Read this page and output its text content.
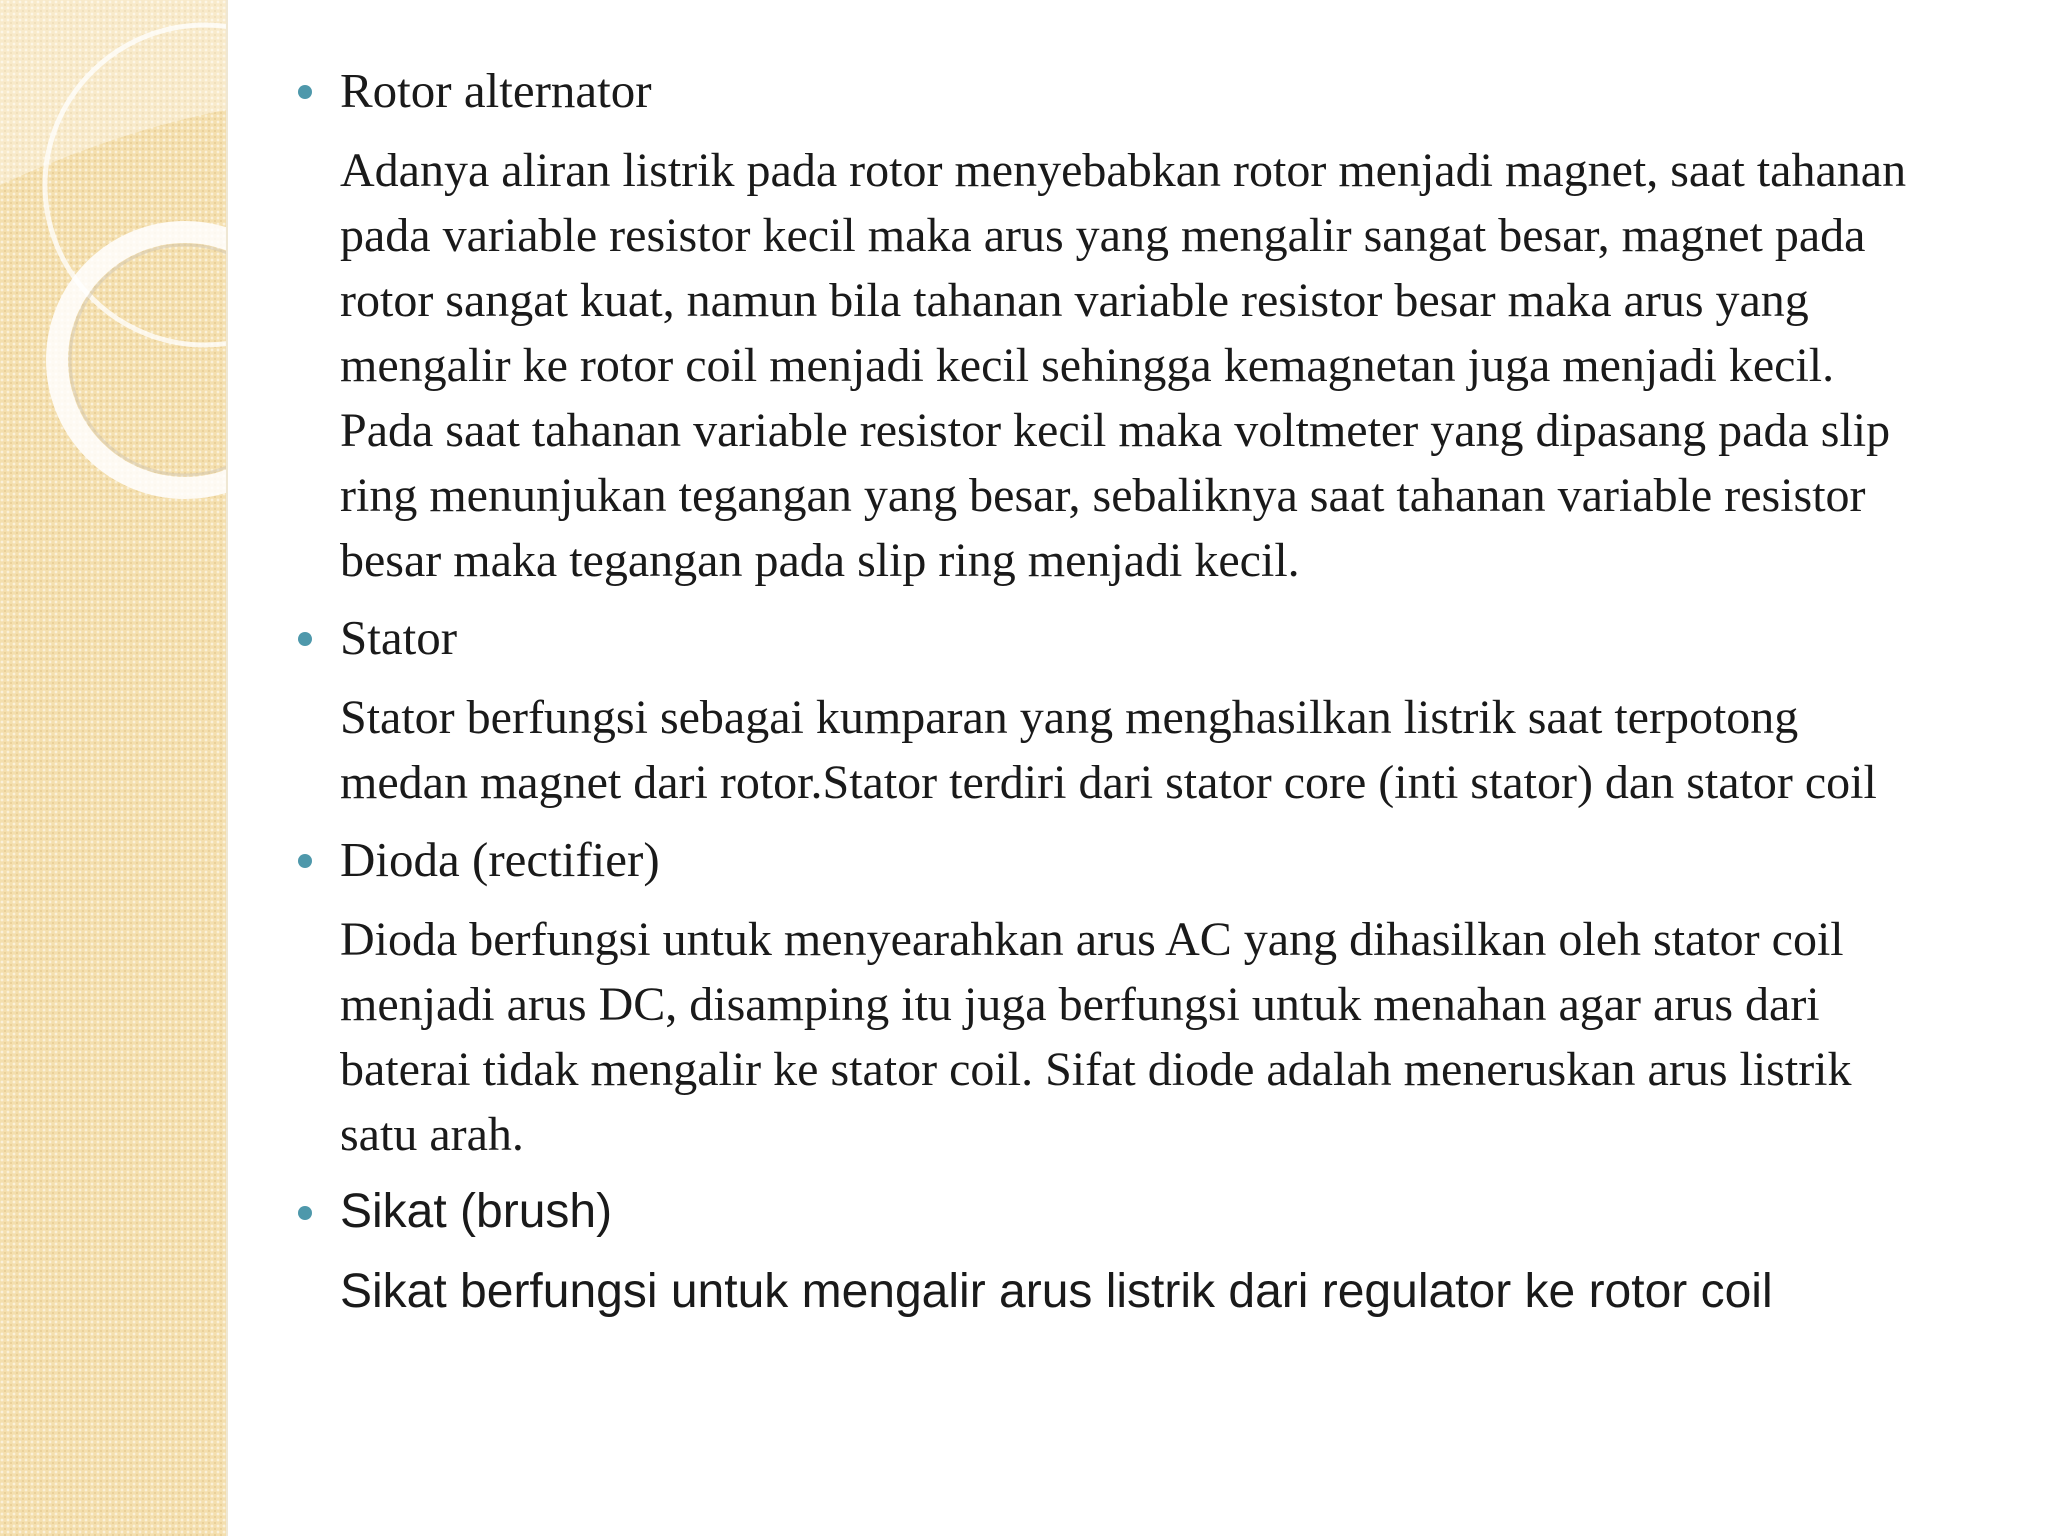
Rotor alternator

Adanya aliran listrik pada rotor menyebabkan rotor menjadi magnet, saat tahanan pada variable resistor kecil maka arus yang mengalir sangat besar, magnet pada rotor sangat kuat, namun bila tahanan variable resistor besar maka arus yang mengalir ke rotor coil menjadi kecil sehingga kemagnetan juga menjadi kecil. Pada saat tahanan variable resistor kecil maka voltmeter yang dipasang pada slip ring menunjukan tegangan yang besar, sebaliknya saat tahanan variable resistor besar maka tegangan pada slip ring menjadi kecil.

Stator

Stator berfungsi sebagai kumparan yang menghasilkan listrik saat terpotong medan magnet dari rotor.Stator terdiri dari stator core (inti stator) dan stator coil

Dioda (rectifier)

Dioda berfungsi untuk menyearahkan arus AC yang dihasilkan oleh stator coil menjadi arus DC, disamping itu juga berfungsi untuk menahan agar arus dari baterai tidak mengalir ke stator coil. Sifat diode adalah meneruskan arus listrik satu arah.

Sikat (brush)

Sikat berfungsi untuk mengalir arus listrik dari regulator ke rotor coil
